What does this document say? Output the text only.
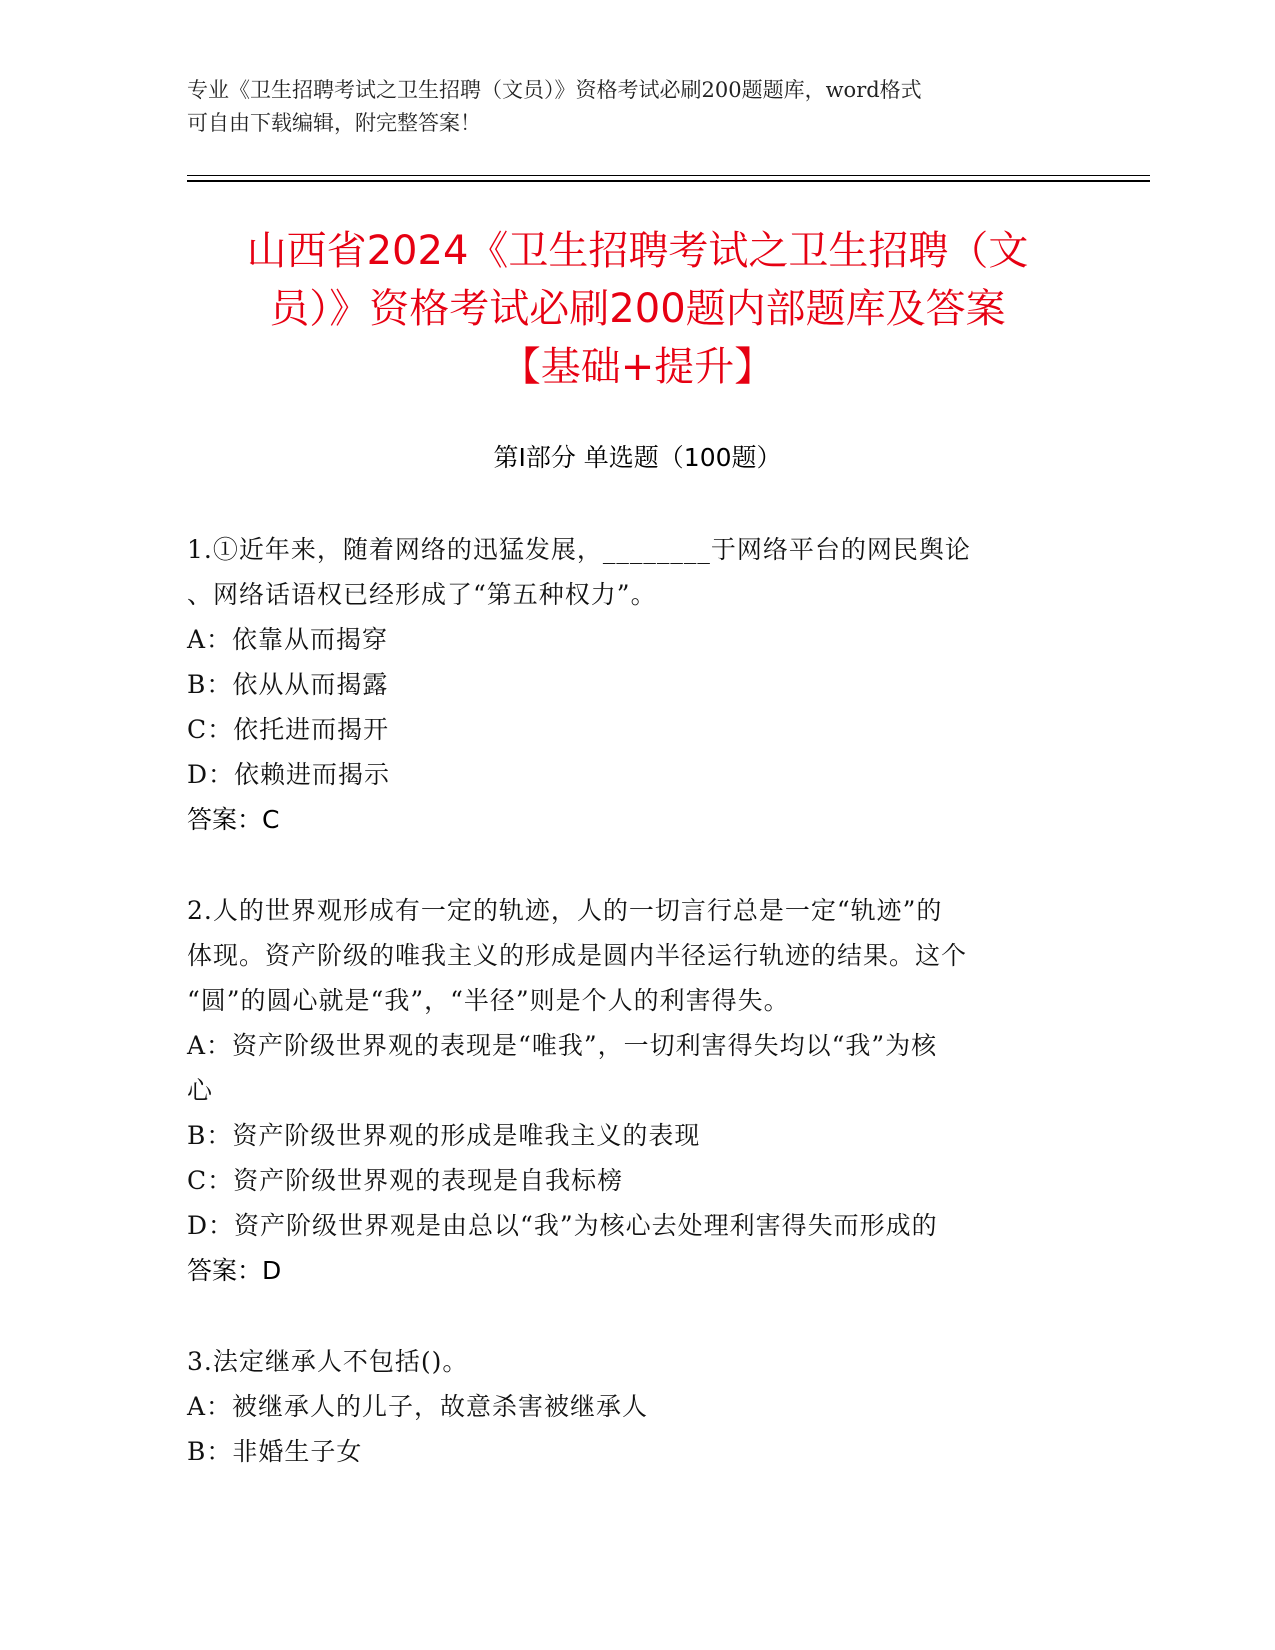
专业《卫生招聘考试之卫生招聘（文员）》资格考试必刷200题题库，word格式
可自由下载编辑，附完整答案！
山西省2024《卫生招聘考试之卫生招聘（文
员）》资格考试必刷200题内部题库及答案
【基础+提升】
第Ⅰ部分 单选题（100题）
1.①近年来，随着网络的迅猛发展，________于网络平台的网民舆论
、网络话语权已经形成了“第五种权力”。
A：依靠从而揭穿
B：依从从而揭露
C：依托进而揭开
D：依赖进而揭示
答案：C
2.人的世界观形成有一定的轨迹，人的一切言行总是一定“轨迹”的
体现。资产阶级的唯我主义的形成是圆内半径运行轨迹的结果。这个
“圆”的圆心就是“我”，“半径”则是个人的利害得失。
A：资产阶级世界观的表现是“唯我”，一切利害得失均以“我”为核
心
B：资产阶级世界观的形成是唯我主义的表现
C：资产阶级世界观的表现是自我标榜
D：资产阶级世界观是由总以“我”为核心去处理利害得失而形成的
答案：D
3.法定继承人不包括()。
A：被继承人的儿子，故意杀害被继承人
B：非婚生子女
